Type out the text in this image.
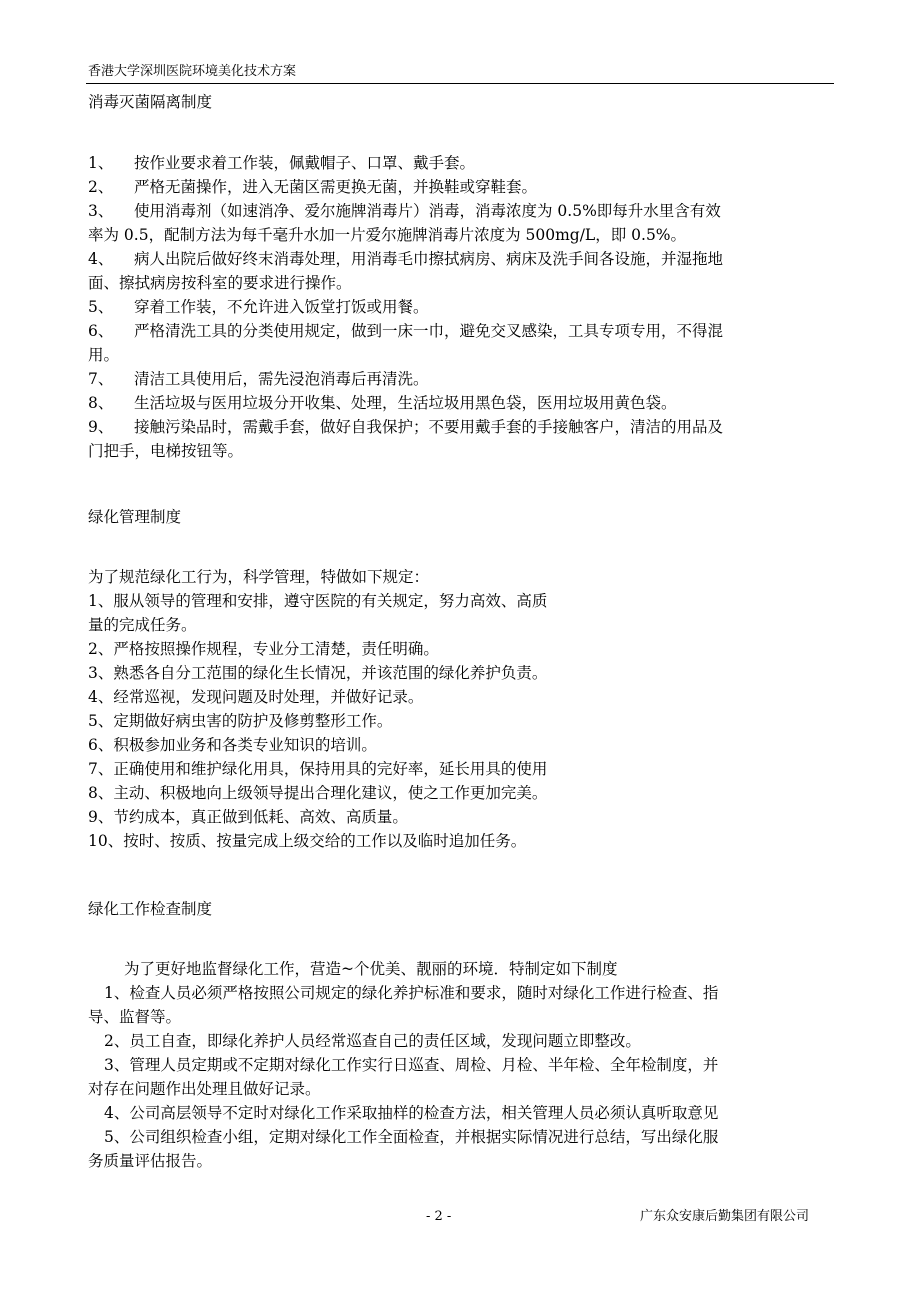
香港大学深圳医院环境美化技术方案
消毒灭菌隔离制度
1、 按作业要求着工作装，佩戴帽子、口罩、戴手套。
2、 严格无菌操作，进入无菌区需更换无菌，并换鞋或穿鞋套。
3、 使用消毒剂（如速消净、爱尔施牌消毒片）消毒，消毒浓度为 0.5%即每升水里含有效
率为 0.5，配制方法为每千毫升水加一片爱尔施牌消毒片浓度为 500mg/L，即 0.5%。
4、 病人出院后做好终末消毒处理，用消毒毛巾擦拭病房、病床及洗手间各设施，并湿拖地
面、擦拭病房按科室的要求进行操作。
5、 穿着工作装，不允许进入饭堂打饭或用餐。
6、 严格清洗工具的分类使用规定，做到一床一巾，避免交叉感染，工具专项专用，不得混
用。
7、 清洁工具使用后，需先浸泡消毒后再清洗。
8、 生活垃圾与医用垃圾分开收集、处理，生活垃圾用黑色袋，医用垃圾用黄色袋。
9、 接触污染品时，需戴手套，做好自我保护；不要用戴手套的手接触客户，清洁的用品及
门把手，电梯按钮等。
绿化管理制度
为了规范绿化工行为，科学管理，特做如下规定：
1、服从领导的管理和安排，遵守医院的有关规定，努力高效、高质
量的完成任务。
2、严格按照操作规程，专业分工清楚，责任明确。
3、熟悉各自分工范围的绿化生长情况，并该范围的绿化养护负责。
4、经常巡视，发现问题及时处理，并做好记录。
5、定期做好病虫害的防护及修剪整形工作。
6、积极参加业务和各类专业知识的培训。
7、正确使用和维护绿化用具，保持用具的完好率，延长用具的使用
8、主动、积极地向上级领导提出合理化建议，使之工作更加完美。
9、节约成本，真正做到低耗、高效、高质量。
10、按时、按质、按量完成上级交给的工作以及临时追加任务。
绿化工作检查制度
为了更好地监督绿化工作，营造~个优美、靓丽的环境．特制定如下制度
1、检查人员必须严格按照公司规定的绿化养护标准和要求，随时对绿化工作进行检查、指
导、监督等。
2、员工自查，即绿化养护人员经常巡查自己的责任区域，发现问题立即整改。
3、管理人员定期或不定期对绿化工作实行日巡查、周检、月检、半年检、全年检制度，并
对存在问题作出处理且做好记录。
4、公司高层领导不定时对绿化工作采取抽样的检查方法，相关管理人员必须认真听取意见
5、公司组织检查小组，定期对绿化工作全面检查，并根据实际情况进行总结，写出绿化服
务质量评估报告。
- 2 -	广东众安康后勤集团有限公司
